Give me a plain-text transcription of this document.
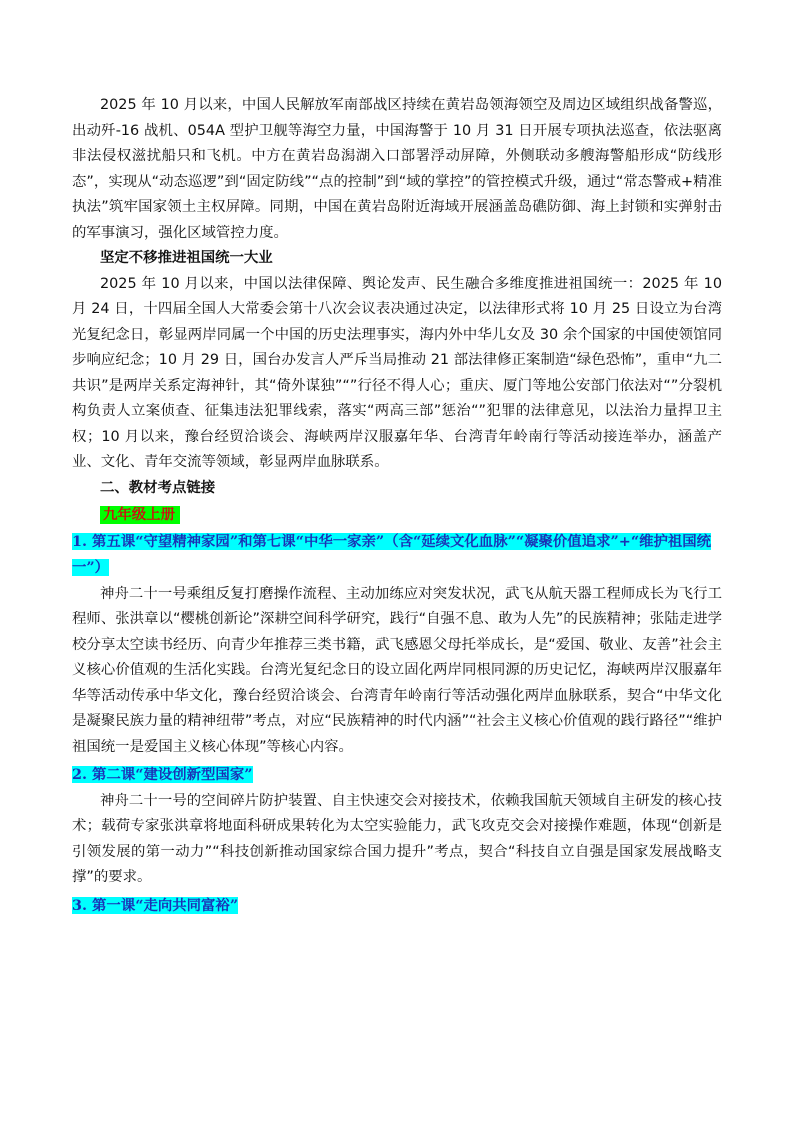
2025 年 10 月以来，中国人民解放军南部战区持续在黄岩岛领海领空及周边区域组织战备警巡，出动歼-16 战机、054A 型护卫舰等海空力量，中国海警于 10 月 31 日开展专项执法巡查，依法驱离非法侵权滋扰船只和飞机。中方在黄岩岛潟湖入口部署浮动屏障，外侧联动多艘海警船形成“防线形态”，实现从“动态巡逻”到“固定防线”“点的控制”到“域的掌控”的管控模式升级，通过“常态警戒+精准执法”筑牢国家领土主权屏障。同期，中国在黄岩岛附近海域开展涵盖岛礁防御、海上封锁和实弹射击的军事演习，强化区域管控力度。

坚定不移推进祖国统一大业

2025 年 10 月以来，中国以法律保障、舆论发声、民生融合多维度推进祖国统一：2025 年 10 月 24 日，十四届全国人大常委会第十八次会议表决通过决定，以法律形式将 10 月 25 日设立为台湾光复纪念日，彰显两岸同属一个中国的历史法理事实，海内外中华儿女及 30 余个国家的中国使领馆同步响应纪念；10 月 29 日，国台办发言人严斥当局推动 21 部法律修正案制造“绿色恐怖”，重申“九二共识”是两岸关系定海神针，其“倚外谋独”“”行径不得人心；重庆、厦门等地公安部门依法对“”分裂机构负责人立案侦查、征集违法犯罪线索，落实“两高三部”惩治“”犯罪的法律意见，以法治力量捍卫主权；10 月以来，豫台经贸洽谈会、海峡两岸汉服嘉年华、台湾青年岭南行等活动接连举办，涵盖产业、文化、青年交流等领域，彰显两岸血脉联系。

二、教材考点链接

九年级上册

1. 第五课“守望精神家园”和第七课“中华一家亲”（含“延续文化血脉”“凝聚价值追求”+“维护祖国统一”）

神舟二十一号乘组反复打磨操作流程、主动加练应对突发状况，武飞从航天器工程师成长为飞行工程师、张洪章以“樱桃创新论”深耕空间科学研究，践行“自强不息、敢为人先”的民族精神；张陆走进学校分享太空读书经历、向青少年推荐三类书籍，武飞感恩父母托举成长，是“爱国、敬业、友善”社会主义核心价值观的生活化实践。台湾光复纪念日的设立固化两岸同根同源的历史记忆，海峡两岸汉服嘉年华等活动传承中华文化，豫台经贸洽谈会、台湾青年岭南行等活动强化两岸血脉联系，契合“中华文化是凝聚民族力量的精神纽带”考点，对应“民族精神的时代内涵”“社会主义核心价值观的践行路径”“维护祖国统一是爱国主义核心体现”等核心内容。

2. 第二课“建设创新型国家”

神舟二十一号的空间碎片防护装置、自主快速交会对接技术，依赖我国航天领域自主研发的核心技术；载荷专家张洪章将地面科研成果转化为太空实验能力，武飞攻克交会对接操作难题，体现“创新是引领发展的第一动力”“科技创新推动国家综合国力提升”考点，契合“科技自立自强是国家发展战略支撑”的要求。

3. 第一课“走向共同富裕”
